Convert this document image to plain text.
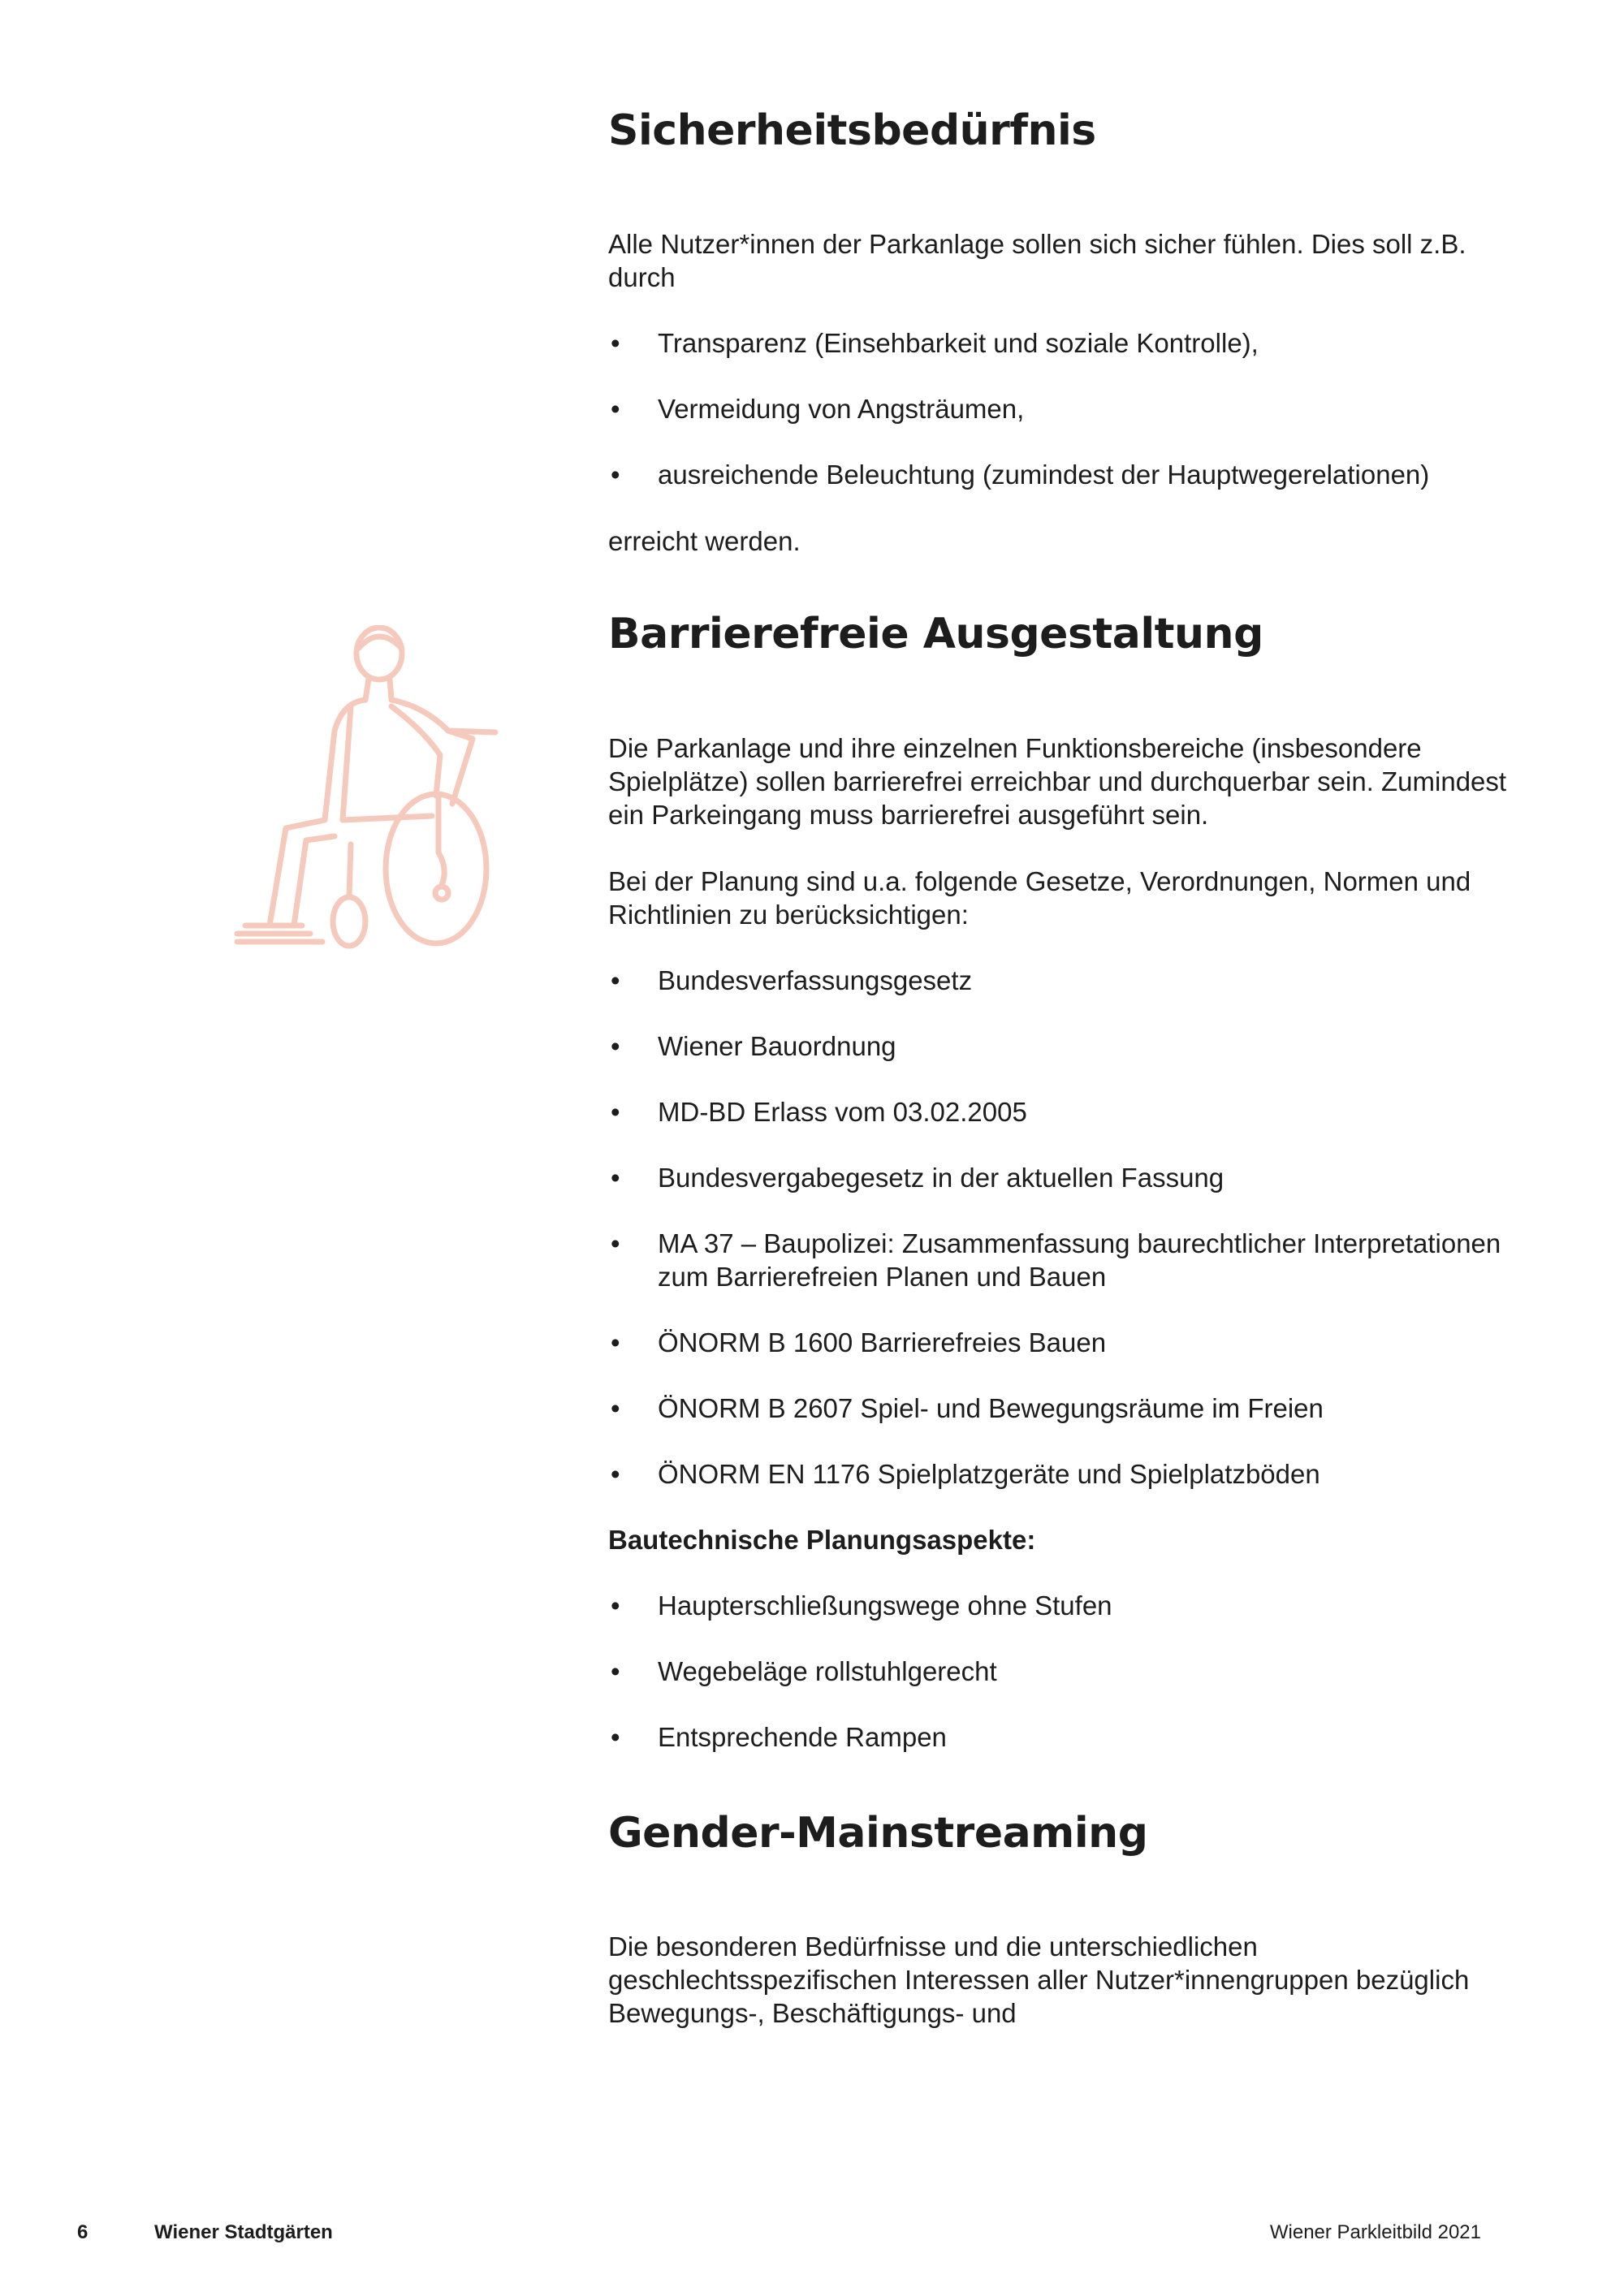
Sicherheitsbedürfnis

Alle Nutzer*innen der Parkanlage sollen sich sicher fühlen. Dies soll z.B. durch

• Transparenz (Einsehbarkeit und soziale Kontrolle),
• Vermeidung von Angsträumen,
• ausreichende Beleuchtung (zumindest der Hauptwegerelationen)

erreicht werden.

Barrierefreie Ausgestaltung

Die Parkanlage und ihre einzelnen Funktionsbereiche (insbesondere Spielplätze) sollen barrierefrei erreichbar und durchquerbar sein. Zumindest ein Parkeingang muss barrierefrei ausgeführt sein.

Bei der Planung sind u.a. folgende Gesetze, Verordnungen, Normen und Richtlinien zu berücksichtigen:

• Bundesverfassungsgesetz
• Wiener Bauordnung
• MD-BD Erlass vom 03.02.2005
• Bundesvergabegesetz in der aktuellen Fassung
• MA 37 – Baupolizei: Zusammenfassung baurechtlicher Interpretationen zum Barrierefreien Planen und Bauen
• ÖNORM B 1600 Barrierefreies Bauen
• ÖNORM B 2607 Spiel- und Bewegungsräume im Freien
• ÖNORM EN 1176 Spielplatzgeräte und Spielplatzböden

Bautechnische Planungsaspekte:

• Haupterschließungswege ohne Stufen
• Wegebeläge rollstuhlgerecht
• Entsprechende Rampen
Gender-Mainstreaming

Die besonderen Bedürfnisse und die unterschiedlichen geschlechtsspezifischen Interessen aller Nutzer*innengruppen bezüglich Bewegungs-, Beschäftigungs- und

6	Wiener Stadtgärten	Wiener Parkleitbild 2021
